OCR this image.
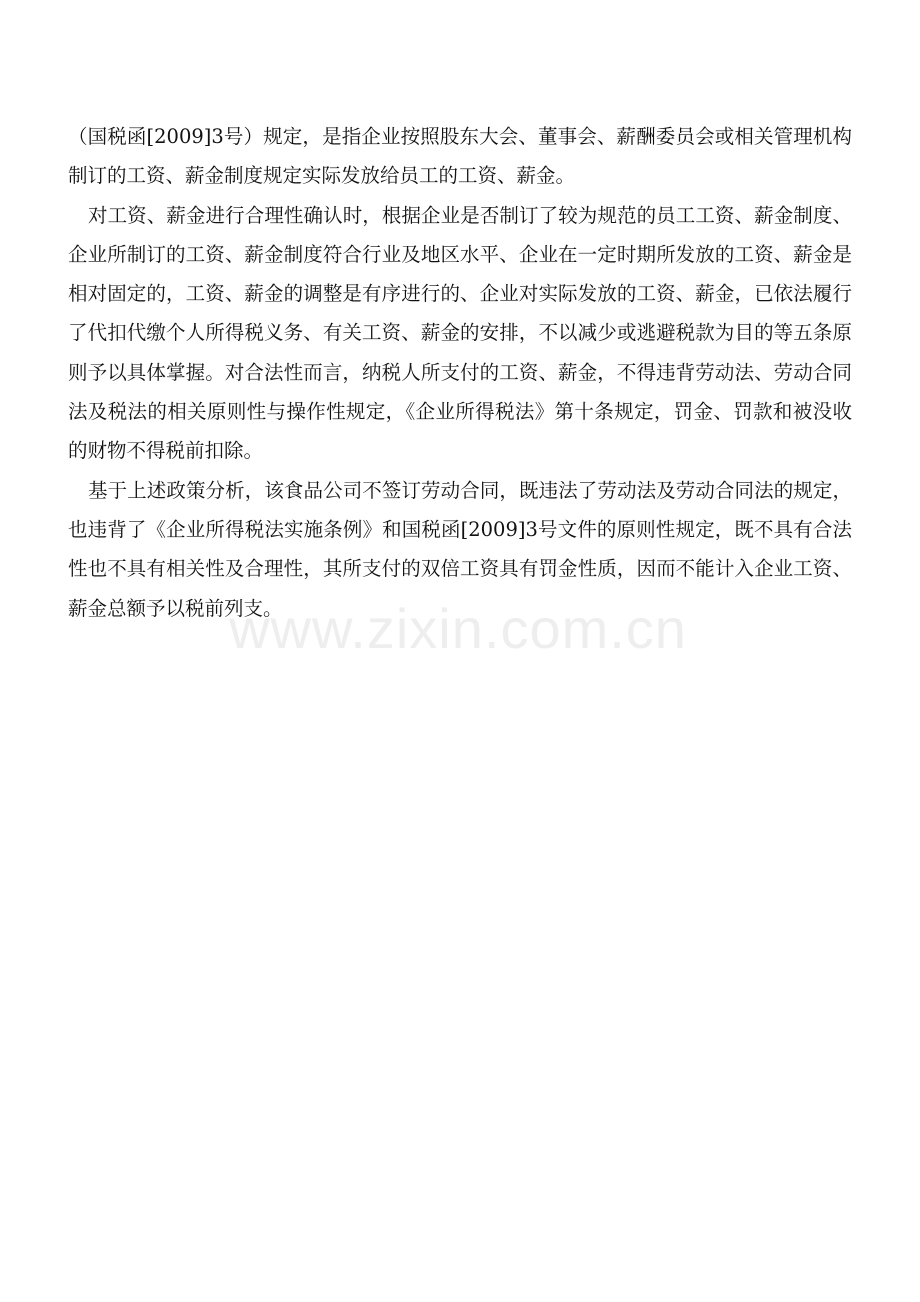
（国税函[2009]3号）规定，是指企业按照股东大会、董事会、薪酬委员会或相关管理机构制订的工资、薪金制度规定实际发放给员工的工资、薪金。

对工资、薪金进行合理性确认时，根据企业是否制订了较为规范的员工工资、薪金制度、企业所制订的工资、薪金制度符合行业及地区水平、企业在一定时期所发放的工资、薪金是相对固定的，工资、薪金的调整是有序进行的、企业对实际发放的工资、薪金，已依法履行了代扣代缴个人所得税义务、有关工资、薪金的安排，不以减少或逃避税款为目的等五条原则予以具体掌握。对合法性而言，纳税人所支付的工资、薪金，不得违背劳动法、劳动合同法及税法的相关原则性与操作性规定，《企业所得税法》第十条规定，罚金、罚款和被没收的财物不得税前扣除。

基于上述政策分析，该食品公司不签订劳动合同，既违法了劳动法及劳动合同法的规定，也违背了《企业所得税法实施条例》和国税函[2009]3号文件的原则性规定，既不具有合法性也不具有相关性及合理性，其所支付的双倍工资具有罚金性质，因而不能计入企业工资、薪金总额予以税前列支。

www.zixin.com.cn
